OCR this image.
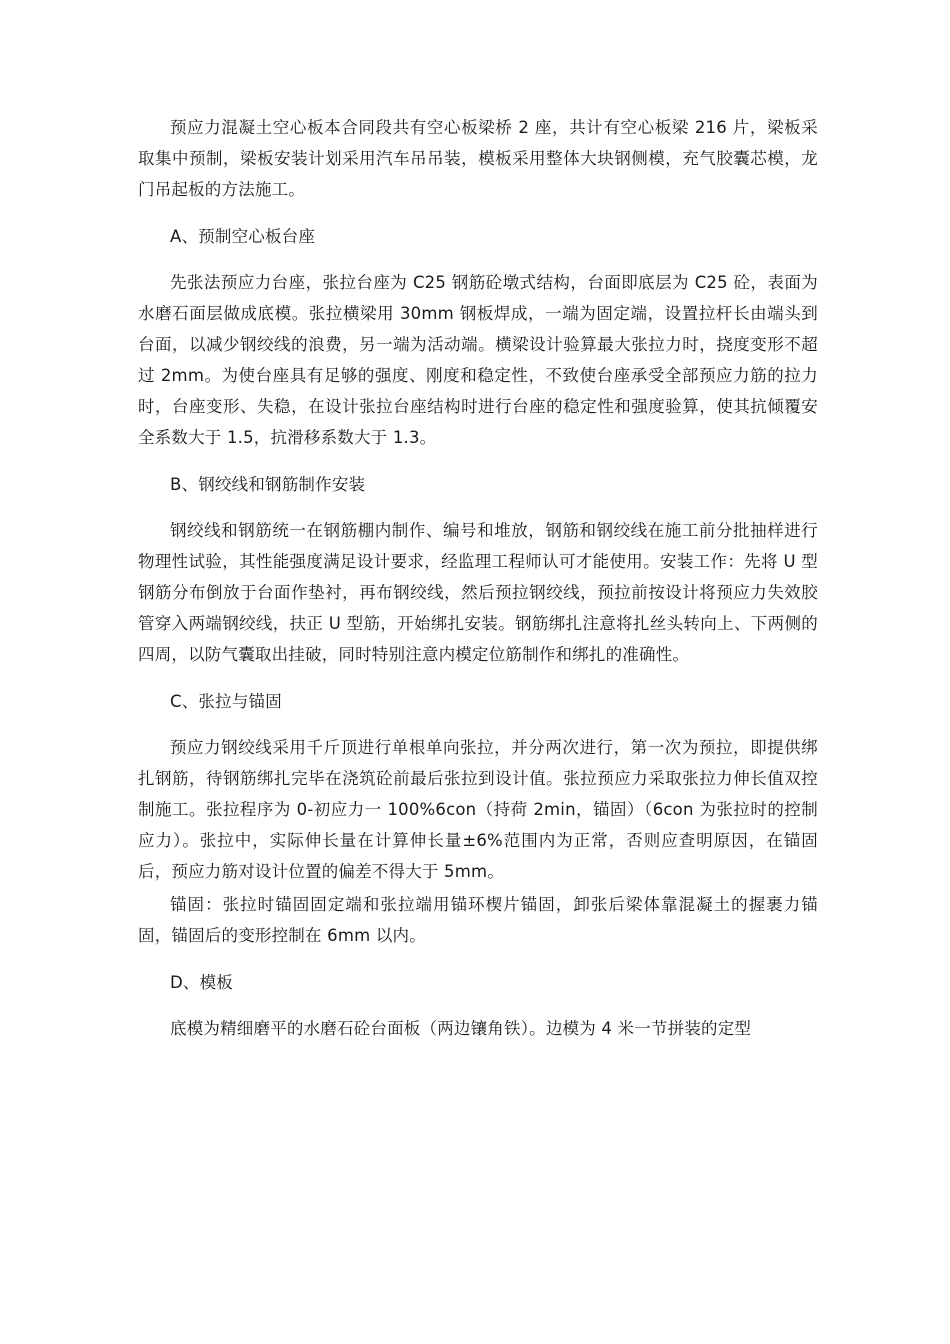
预应力混凝土空心板本合同段共有空心板梁桥 2 座，共计有空心板梁 216 片，梁板采取集中预制，梁板安装计划采用汽车吊吊装，模板采用整体大块钢侧模，充气胶囊芯模，龙门吊起板的方法施工。

A、预制空心板台座

先张法预应力台座，张拉台座为 C25 钢筋砼墩式结构，台面即底层为 C25 砼，表面为水磨石面层做成底模。张拉横梁用 30mm 钢板焊成，一端为固定端，设置拉杆长由端头到台面，以减少钢绞线的浪费，另一端为活动端。横梁设计验算最大张拉力时，挠度变形不超过 2mm。为使台座具有足够的强度、刚度和稳定性，不致使台座承受全部预应力筋的拉力时，台座变形、失稳，在设计张拉台座结构时进行台座的稳定性和强度验算，使其抗倾覆安全系数大于 1.5，抗滑移系数大于 1.3。

B、钢绞线和钢筋制作安装

钢绞线和钢筋统一在钢筋棚内制作、编号和堆放，钢筋和钢绞线在施工前分批抽样进行物理性试验，其性能强度满足设计要求，经监理工程师认可才能使用。安装工作：先将 U 型钢筋分布倒放于台面作垫衬，再布钢绞线，然后预拉钢绞线，预拉前按设计将预应力失效胶管穿入两端钢绞线，扶正 U 型筋，开始绑扎安装。钢筋绑扎注意将扎丝头转向上、下两侧的四周，以防气囊取出挂破，同时特别注意内模定位筋制作和绑扎的准确性。

C、张拉与锚固

预应力钢绞线采用千斤顶进行单根单向张拉，并分两次进行，第一次为预拉，即提供绑扎钢筋，待钢筋绑扎完毕在浇筑砼前最后张拉到设计值。张拉预应力采取张拉力伸长值双控制施工。张拉程序为 0-初应力一 100%6con（持荷 2min，锚固）（6con 为张拉时的控制应力）。张拉中，实际伸长量在计算伸长量±6%范围内为正常，否则应查明原因，在锚固后，预应力筋对设计位置的偏差不得大于 5mm。

锚固：张拉时锚固固定端和张拉端用锚环楔片锚固，卸张后梁体靠混凝土的握裹力锚固，锚固后的变形控制在 6mm 以内。

D、模板

底模为精细磨平的水磨石砼台面板（两边镶角铁）。边模为 4 米一节拼装的定型
